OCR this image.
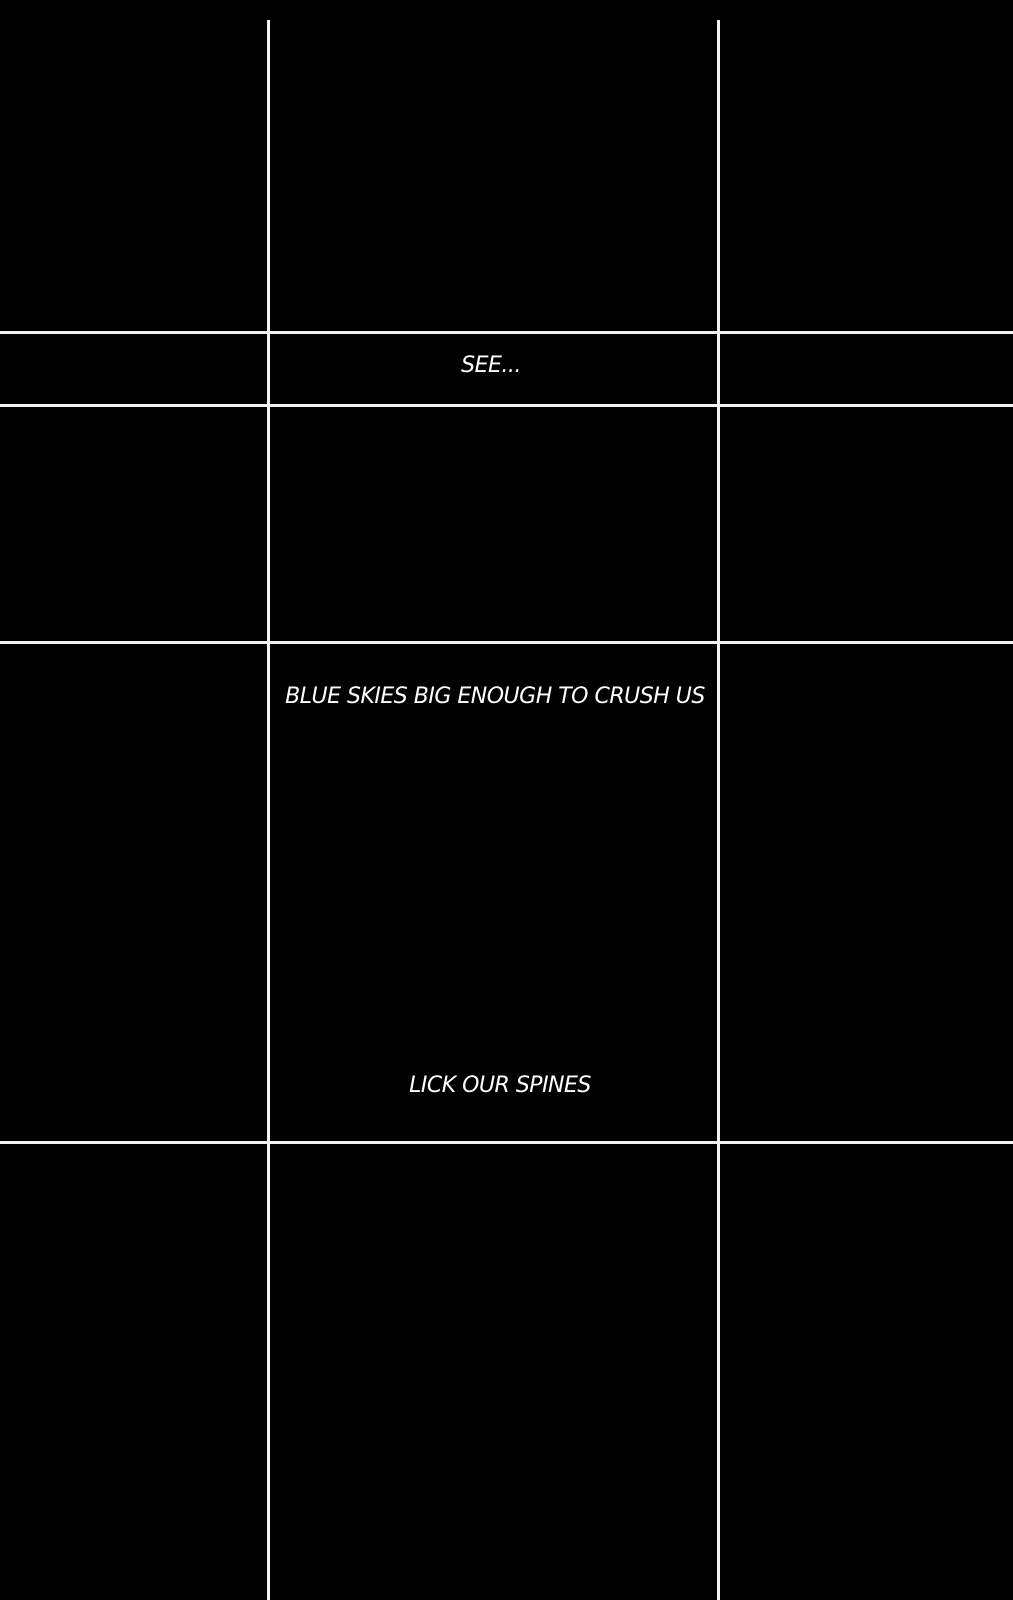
SEE...
BLUE SKIES BIG ENOUGH TO CRUSH US
LICK OUR SPINES
